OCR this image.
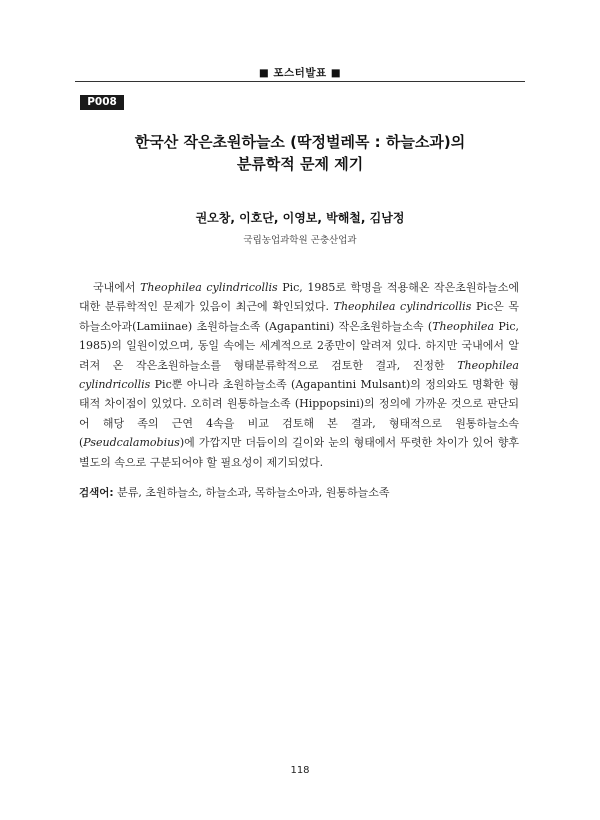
■ 포스터발표 ■
P008
한국산 작은초원하늘소 (딱정벌레목 : 하늘소과)의
분류학적 문제 제기
권오창, 이호단, 이영보, 박해철, 김남정
국립농업과학원 곤충산업과

국내에서 Theophilea cylindricollis Pic, 1985로 학명을 적용해온 작은초원하늘소에 대한 분류학적인 문제가 있음이 최근에 확인되었다. Theophilea cylindricollis Pic은 목하늘소아과(Lamiinae) 초원하늘소족 (Agapantini) 작은초원하늘소속 (Theophilea Pic, 1985)의 일원이었으며, 동일 속에는 세계적으로 2종만이 알려져 있다. 하지만 국내에서 알려져 온 작은초원하늘소를 형태분류학적으로 검토한 결과, 진정한 Theophilea cylindricollis Pic뿐 아니라 초원하늘소족 (Agapantini Mulsant)의 정의와도 명확한 형태적 차이점이 있었다. 오히려 원통하늘소족 (Hippopsini)의 정의에 가까운 것으로 판단되어 해당 족의 근연 4속을 비교 검토해 본 결과, 형태적으로 원통하늘소속 (Pseudcalamobius)에 가깝지만 더듬이의 길이와 눈의 형태에서 뚜렷한 차이가 있어 향후 별도의 속으로 구분되어야 할 필요성이 제기되었다.

검색어: 분류, 초원하늘소, 하늘소과, 목하늘소아과, 원통하늘소족
118
